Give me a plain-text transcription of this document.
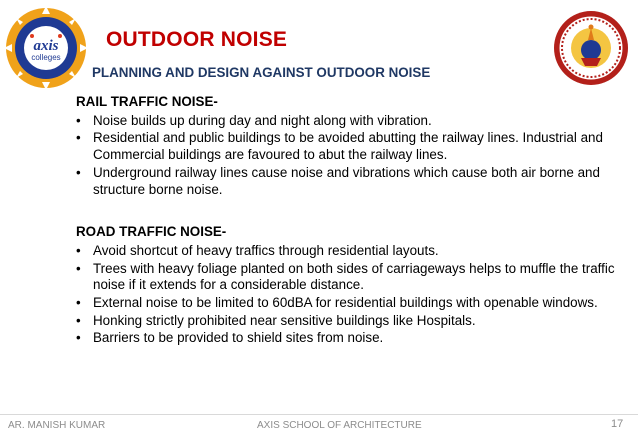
axis
colleges
OUTDOOR NOISE
PLANNING AND DESIGN AGAINST OUTDOOR NOISE

RAIL TRAFFIC NOISE-

• Noise builds up during day and night along with vibration.
• Residential and public buildings to be avoided abutting the railway lines. Industrial and Commercial buildings are favoured to abut the railway lines.
• Underground railway lines cause noise and vibrations which cause both air borne and structure borne noise.

ROAD TRAFFIC NOISE-

• Avoid shortcut of heavy traffics through residential layouts.
• Trees with heavy foliage planted on both sides of carriageways helps to muffle the traffic noise if it extends for a considerable distance.
• External noise to be limited to 60dBA for residential buildings with openable windows.
• Honking strictly prohibited near sensitive buildings like Hospitals.
• Barriers to be provided to shield sites from noise.
AR. MANISH KUMAR	AXIS SCHOOL OF ARCHITECTURE	17
